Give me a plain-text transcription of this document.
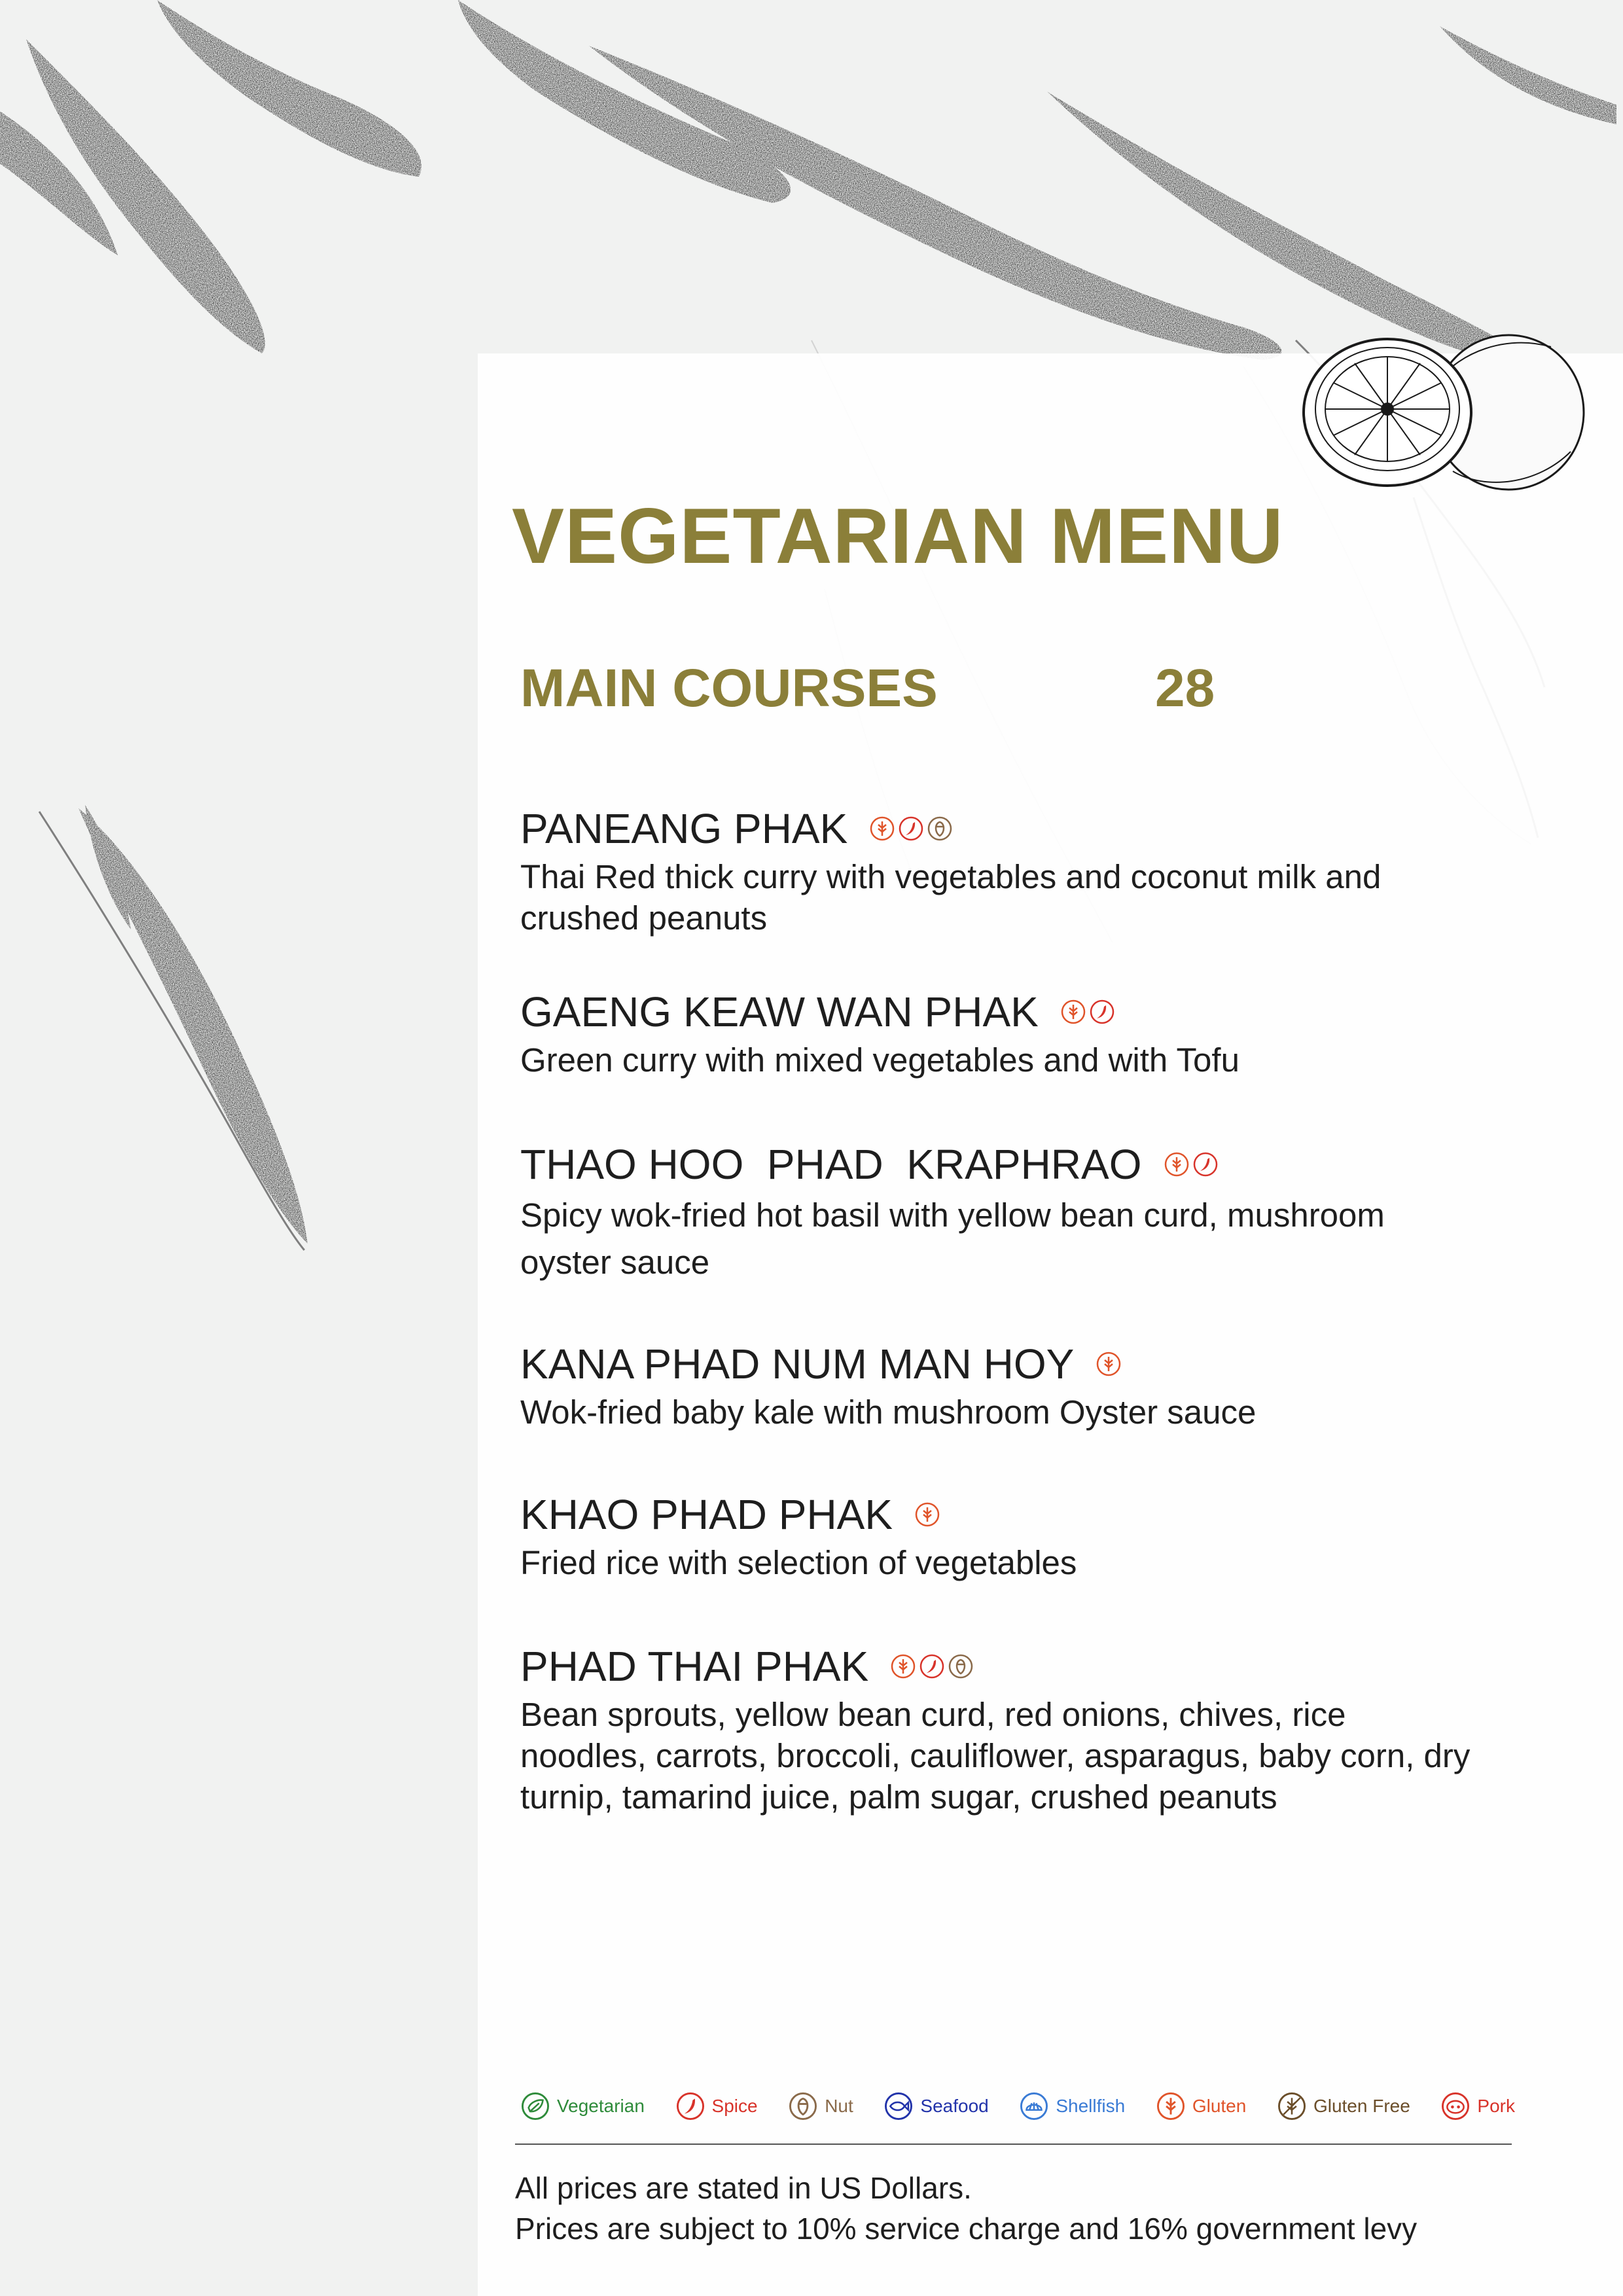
VEGETARIAN MENU
MAIN COURSES	28
PANEANG PHAK
Thai Red thick curry with vegetables and coconut milk and crushed peanuts
GAENG KEAW WAN PHAK
Green curry with mixed vegetables and with Tofu
THAO HOO  PHAD  KRAPHRAO
Spicy wok-fried hot basil with yellow bean curd, mushroom oyster sauce
KANA PHAD NUM MAN HOY
Wok-fried baby kale with mushroom Oyster sauce
KHAO PHAD PHAK
Fried rice with selection of vegetables
PHAD THAI PHAK
Bean sprouts, yellow bean curd, red onions, chives, rice noodles, carrots, broccoli, cauliflower, asparagus, baby corn, dry turnip, tamarind juice, palm sugar, crushed peanuts
Vegetarian	Spice	Nut	Seafood	Shellfish	Gluten	Gluten Free	Pork
All prices are stated in US Dollars.
Prices are subject to 10% service charge and 16% government levy
